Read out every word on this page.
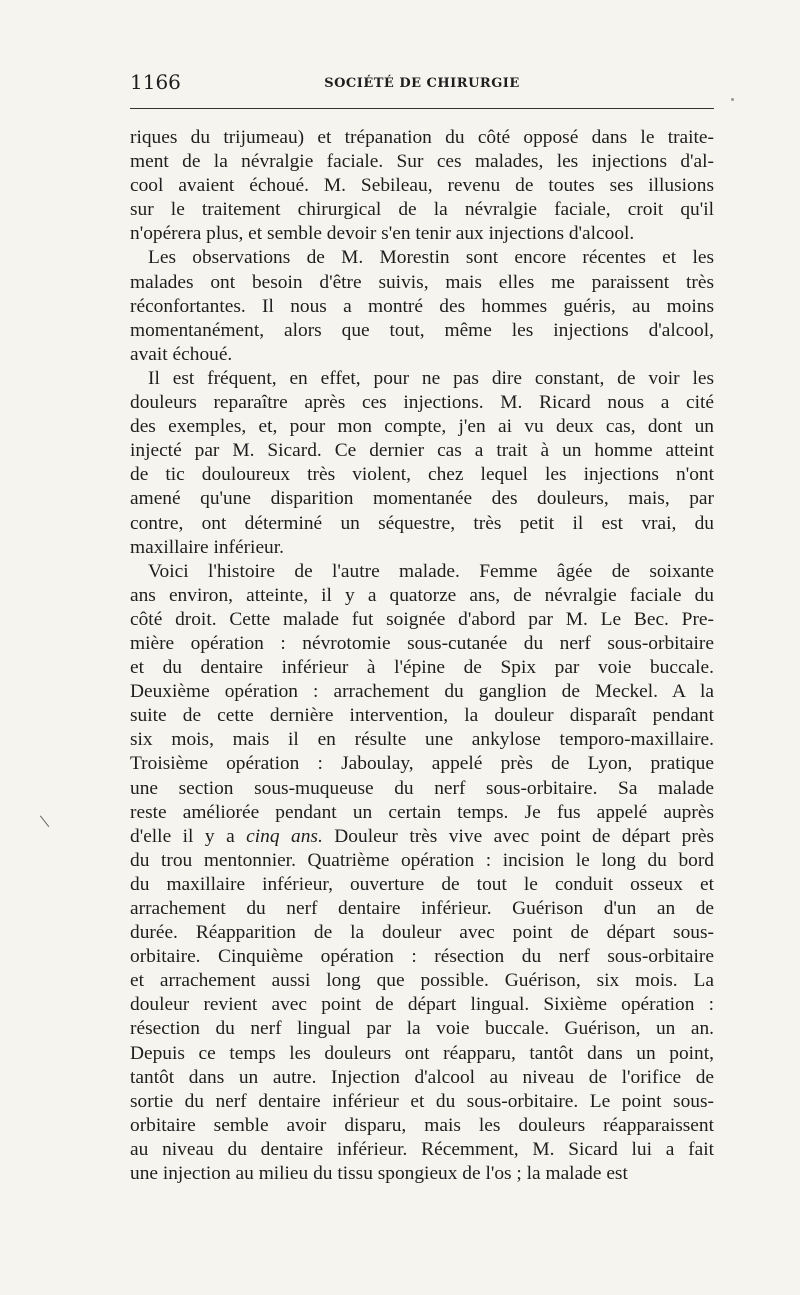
1166	SOCIÉTÉ DE CHIRURGIE
riques du trijumeau) et trépanation du côté opposé dans le traite-
ment de la névralgie faciale. Sur ces malades, les injections d'al-
cool avaient échoué. M. Sebileau, revenu de toutes ses illusions
sur le traitement chirurgical de la névralgie faciale, croit qu'il
n'opérera plus, et semble devoir s'en tenir aux injections d'alcool.
Les observations de M. Morestin sont encore récentes et les
malades ont besoin d'être suivis, mais elles me paraissent très
réconfortantes. Il nous a montré des hommes guéris, au moins
momentanément, alors que tout, même les injections d'alcool,
avait échoué.
Il est fréquent, en effet, pour ne pas dire constant, de voir les
douleurs reparaître après ces injections. M. Ricard nous a cité
des exemples, et, pour mon compte, j'en ai vu deux cas, dont un
injecté par M. Sicard. Ce dernier cas a trait à un homme atteint
de tic douloureux très violent, chez lequel les injections n'ont
amené qu'une disparition momentanée des douleurs, mais, par
contre, ont déterminé un séquestre, très petit il est vrai, du
maxillaire inférieur.
Voici l'histoire de l'autre malade. Femme âgée de soixante
ans environ, atteinte, il y a quatorze ans, de névralgie faciale du
côté droit. Cette malade fut soignée d'abord par M. Le Bec. Pre-
mière opération : névrotomie sous-cutanée du nerf sous-orbitaire
et du dentaire inférieur à l'épine de Spix par voie buccale.
Deuxième opération : arrachement du ganglion de Meckel. A la
suite de cette dernière intervention, la douleur disparaît pendant
six mois, mais il en résulte une ankylose temporo-maxillaire.
Troisième opération : Jaboulay, appelé près de Lyon, pratique
une section sous-muqueuse du nerf sous-orbitaire. Sa malade
reste améliorée pendant un certain temps. Je fus appelé auprès
d'elle il y a cinq ans. Douleur très vive avec point de départ près
du trou mentonnier. Quatrième opération : incision le long du bord
du maxillaire inférieur, ouverture de tout le conduit osseux et
arrachement du nerf dentaire inférieur. Guérison d'un an de
durée. Réapparition de la douleur avec point de départ sous-
orbitaire. Cinquième opération : résection du nerf sous-orbitaire
et arrachement aussi long que possible. Guérison, six mois. La
douleur revient avec point de départ lingual. Sixième opération :
résection du nerf lingual par la voie buccale. Guérison, un an.
Depuis ce temps les douleurs ont réapparu, tantôt dans un point,
tantôt dans un autre. Injection d'alcool au niveau de l'orifice de
sortie du nerf dentaire inférieur et du sous-orbitaire. Le point sous-
orbitaire semble avoir disparu, mais les douleurs réapparaissent
au niveau du dentaire inférieur. Récemment, M. Sicard lui a fait
une injection au milieu du tissu spongieux de l'os ; la malade est
